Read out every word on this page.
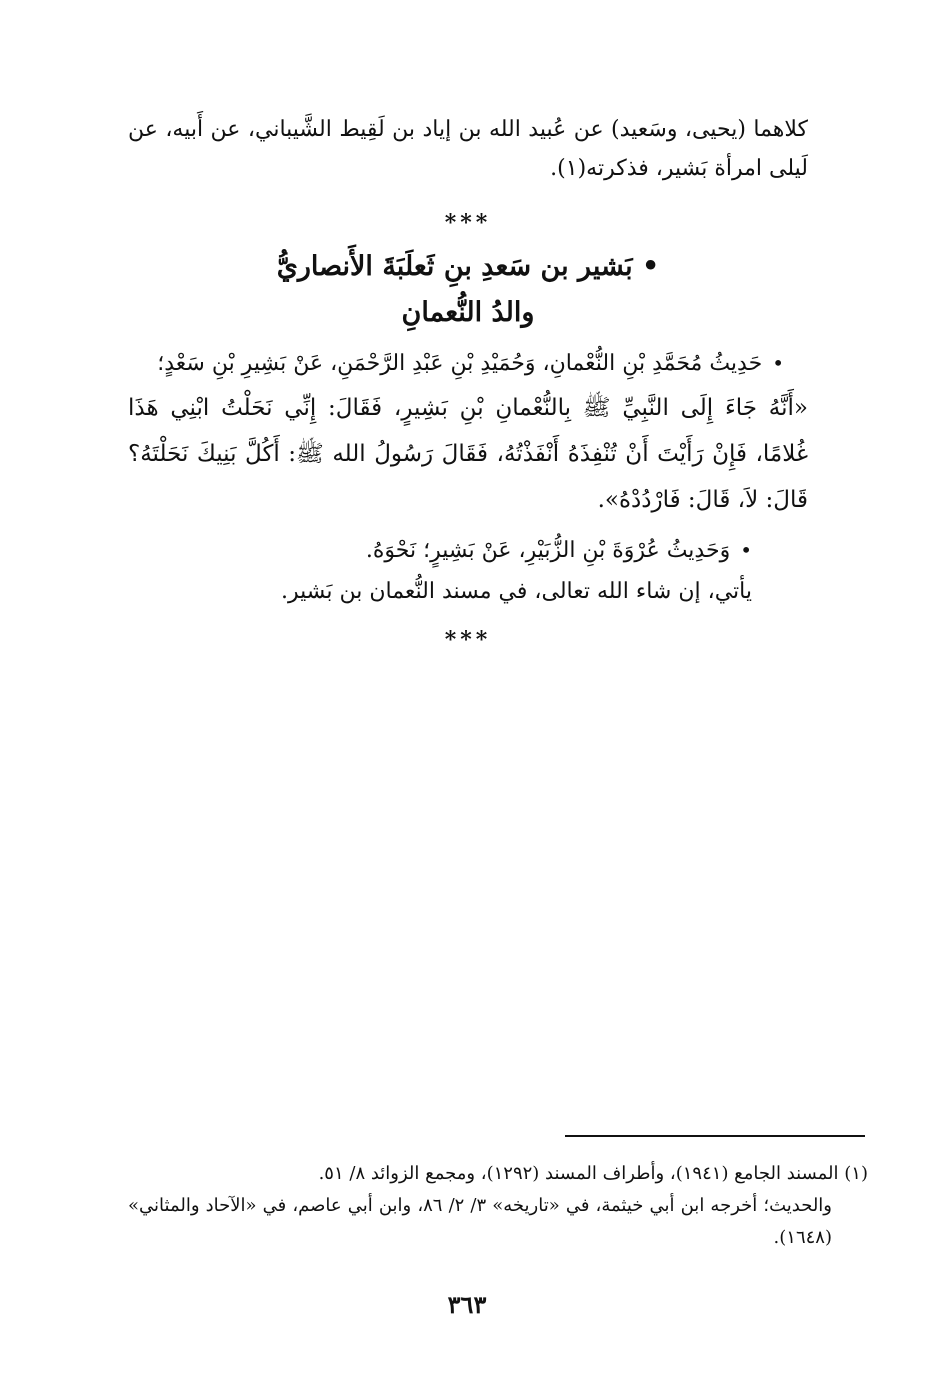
كلاهما (يحيى، وسَعيد) عن عُبيد الله بن إياد بن لَقِيط الشَّيباني، عن أَبيه، عن لَيلى امرأة بَشير، فذكرته(١).

***

• بَشير بن سَعدِ بنِ ثَعلَبَةَ الأَنصاريُّ

والدُ النُّعمانِ

•حَدِيثُ مُحَمَّدِ بْنِ النُّعْمانِ، وَحُمَيْدِ بْنِ عَبْدِ الرَّحْمَنِ، عَنْ بَشِيرِ بْنِ سَعْدٍ؛

«أَنَّهُ جَاءَ إِلَى النَّبِيِّ ﷺ بِالنُّعْمانِ بْنِ بَشِيرٍ، فَقَالَ: إِنِّي نَحَلْتُ ابْنِي هَذَا غُلامًا، فَإِنْ رَأَيْتَ أَنْ تُنْفِذَهُ أَنْفَذْتُهُ، فَقَالَ رَسُولُ الله ﷺ: أَكُلَّ بَنِيكَ نَحَلْتَهُ؟ قَالَ: لاَ، قَالَ: فَارْدُدْهُ».

•وَحَدِيثُ عُرْوَةَ بْنِ الزُّبَيْرِ، عَنْ بَشِيرٍ؛ نَحْوَهُ.

يأتي، إن شاء الله تعالى، في مسند النُّعمان بن بَشير.

***

(١) المسند الجامع (١٩٤١)، وأطراف المسند (١٢٩٢)، ومجمع الزوائد ٨/ ٥١.

والحديث؛ أخرجه ابن أبي خيثمة، في «تاريخه» ٣/ ٢/ ٨٦، وابن أبي عاصم، في «الآحاد والمثاني» (١٦٤٨).

٣٦٣
